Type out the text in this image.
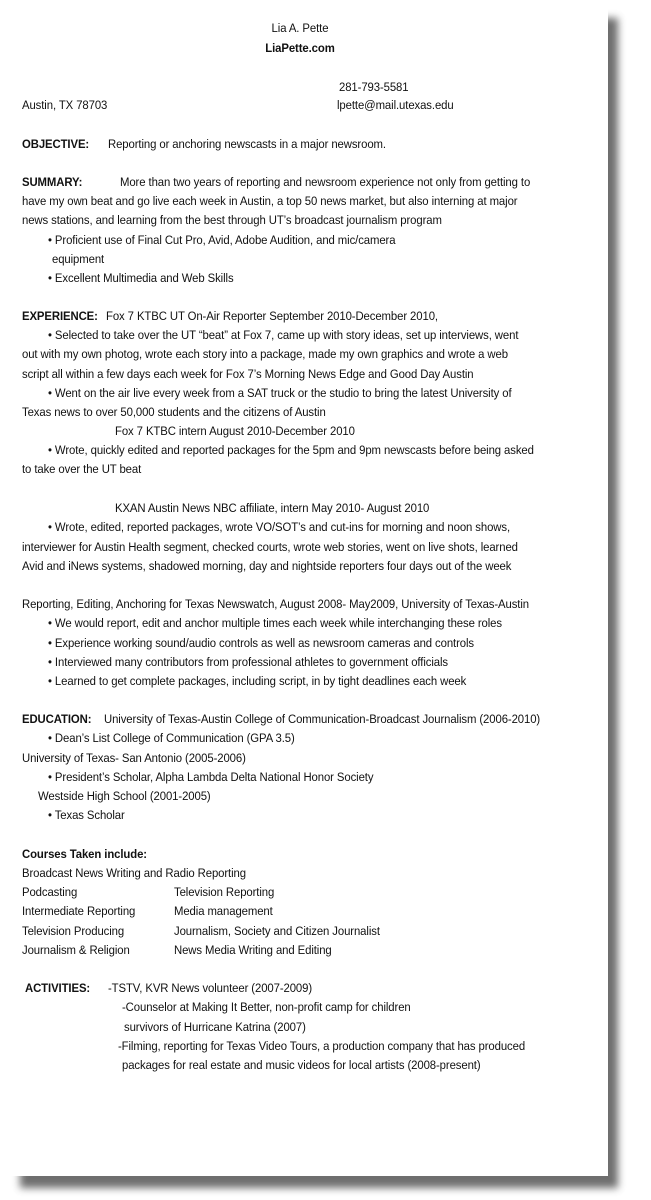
Lia A. Pette
LiaPette.com
281-793-5581
Austin, TX 78703	lpette@mail.utexas.edu
OBJECTIVE: Reporting or anchoring newscasts in a major newsroom.
SUMMARY:	More than two years of reporting and newsroom experience not only from getting to
have my own beat and go live each week in Austin, a top 50 news market, but also interning at major
news stations, and learning from the best through UT’s broadcast journalism program
• Proficient use of Final Cut Pro, Avid, Adobe Audition, and mic/camera
equipment
• Excellent Multimedia and Web Skills
EXPERIENCE: Fox 7 KTBC UT On-Air Reporter September 2010-December 2010,
• Selected to take over the UT “beat” at Fox 7, came up with story ideas, set up interviews, went
out with my own photog, wrote each story into a package, made my own graphics and wrote a web
script all within a few days each week for Fox 7’s Morning News Edge and Good Day Austin
• Went on the air live every week from a SAT truck or the studio to bring the latest University of
Texas news to over 50,000 students and the citizens of Austin
Fox 7 KTBC intern August 2010-December 2010
• Wrote, quickly edited and reported packages for the 5pm and 9pm newscasts before being asked
to take over the UT beat
KXAN Austin News NBC affiliate, intern May 2010- August 2010
• Wrote, edited, reported packages, wrote VO/SOT’s and cut-ins for morning and noon shows,
interviewer for Austin Health segment, checked courts, wrote web stories, went on live shots, learned
Avid and iNews systems, shadowed morning, day and nightside reporters four days out of the week
Reporting, Editing, Anchoring for Texas Newswatch, August 2008- May2009, University of Texas-Austin
• We would report, edit and anchor multiple times each week while interchanging these roles
• Experience working sound/audio controls as well as newsroom cameras and controls
• Interviewed many contributors from professional athletes to government officials
• Learned to get complete packages, including script, in by tight deadlines each week
EDUCATION: University of Texas-Austin College of Communication-Broadcast Journalism (2006-2010)
• Dean’s List College of Communication (GPA 3.5)
University of Texas- San Antonio (2005-2006)
• President’s Scholar, Alpha Lambda Delta National Honor Society
Westside High School (2001-2005)
• Texas Scholar
Courses Taken include:
Broadcast News Writing and Radio Reporting
Podcasting	Television Reporting
Intermediate Reporting	Media management
Television Producing	Journalism, Society and Citizen Journalist
Journalism & Religion	News Media Writing and Editing
ACTIVITIES: -TSTV, KVR News volunteer (2007-2009)
-Counselor at Making It Better, non-profit camp for children
survivors of Hurricane Katrina (2007)
-Filming, reporting for Texas Video Tours, a production company that has produced
packages for real estate and music videos for local artists (2008-present)
